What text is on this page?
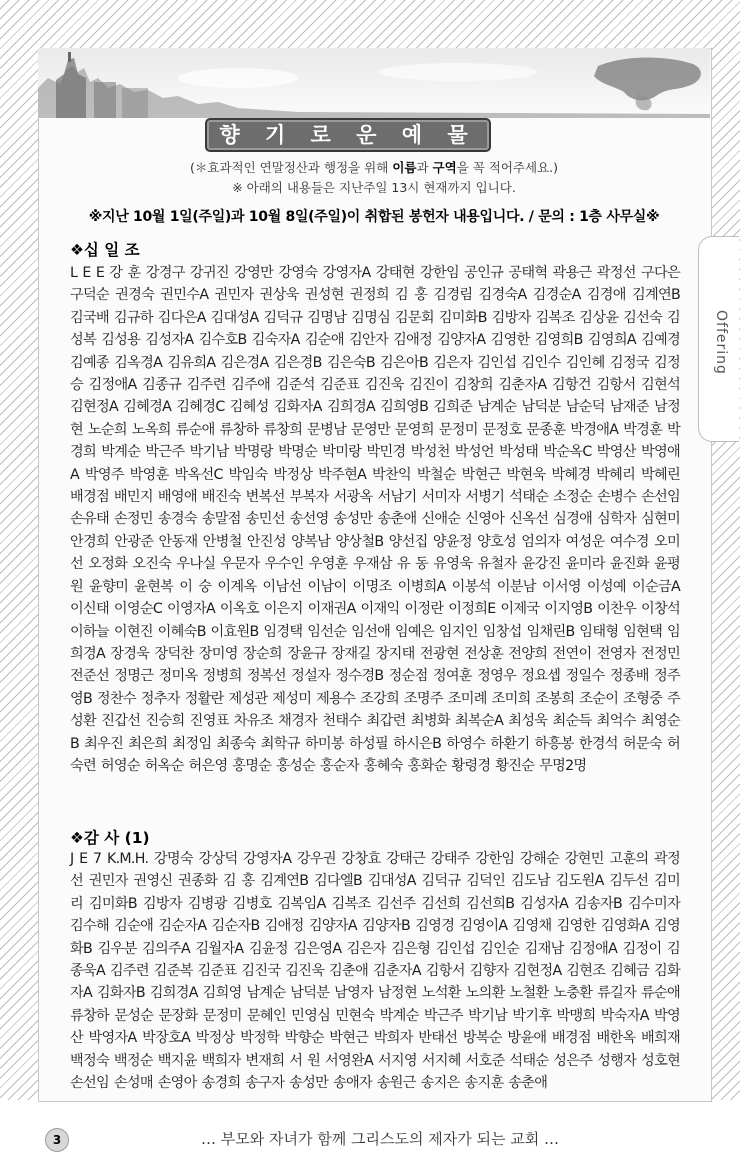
향 기 로 운 예 물
(＊효과적인 연말정산과 행정을 위해 이름과 구역을 꼭 적어주세요.)
※ 아래의 내용들은 지난주일 13시 현재까지 입니다.
※지난 10월 1일(주일)과 10월 8일(주일)이 취합된 봉헌자 내용입니다. / 문의 : 1층 사무실※
Offering
❖십 일 조
L E E 강 훈 강경구 강귀진 강영만 강영숙 강영자A 강태현 강한임 공인규 공태혁 곽용근 곽정선 구다은 구덕순 권경숙 권민수A 권민자 권상욱 권성현 권정희 김 홍 김경림 김경숙A 김경순A 김경애 김계연B 김국배 김규하 김다은A 김대성A 김덕규 김명남 김명심 김문회 김미화B 김방자 김복조 김상윤 김선숙 김성복 김성용 김성자A 김수호B 김숙자A 김순애 김안자 김애정 김양자A 김영한 김영희B 김영희A 김예경 김예종 김옥경A 김유희A 김은경A 김은경B 김은숙B 김은아B 김은자 김인섭 김인수 김인혜 김정국 김정승 김정애A 김종규 김주련 김주애 김준석 김준표 김진욱 김진이 김창희 김춘자A 김항건 김항서 김현석 김현정A 김혜경A 김혜경C 김혜성 김화자A 김희경A 김희영B 김희준 남계순 남덕분 남순덕 남재준 남정현 노순희 노옥희 류순애 류창하 류창희 문병남 문영만 문영희 문정미 문정호 문종훈 박경애A 박경훈 박경희 박계순 박근주 박기남 박명랑 박명순 박미랑 박민경 박성천 박성언 박성태 박순옥C 박영산 박영애A 박영주 박영훈 박옥선C 박임숙 박정상 박주현A 박찬익 박철순 박현근 박현욱 박혜경 박혜리 박혜린 배경점 배민지 배영애 배진숙 변복선 부복자 서광옥 서남기 서미자 서병기 석태순 소정순 손병수 손선임 손유태 손정민 송경숙 송말점 송민선 송선영 송성만 송춘애 신애순 신영아 신옥선 심경애 심학자 심현미 안경희 안광준 안동재 안병철 안진성 양복남 양상철B 양선집 양윤정 양호성 엄의자 여성운 여수경 오미선 오정화 오진숙 우나실 우문자 우수인 우영훈 우재삼 유 동 유영욱 유철자 윤강진 윤미라 윤진화 윤평원 윤향미 윤현복 이 숭 이계옥 이남선 이남이 이명조 이병희A 이봉석 이분남 이서영 이성예 이순금A 이신태 이영순C 이영자A 이옥호 이은지 이재권A 이재익 이정란 이정희E 이제국 이지영B 이찬우 이창석 이하늘 이현진 이혜숙B 이효원B 임경택 임선순 임선애 임예은 임지인 임창섭 임채린B 임태형 임현택 임희경A 장경욱 장덕찬 장미영 장순희 장윤규 장재길 장지태 전광현 전상훈 전양희 전연이 전영자 전정민 전준선 정명근 정미옥 정병희 정복선 정설자 정수경B 정순점 정여훈 정영우 정요셉 정일수 정종배 정주영B 정찬수 정추자 정활란 제성관 제성미 제용수 조강희 조명주 조미례 조미희 조봉희 조순이 조형중 주성환 진갑선 진승희 진영표 차유조 채경자 천태수 최갑련 최병화 최복순A 최성욱 최순득 최억수 최영순B 최우진 최은희 최정임 최종숙 최학규 하미봉 하성필 하시은B 하영수 하환기 하흥봉 한경석 허문숙 허숙련 허영순 허옥순 허은영 홍명순 홍성순 홍순자 홍혜숙 홍화순 황령경 황진순 무명2명
❖감 사 (1)
J E 7 K.M.H. 강명숙 강상덕 강영자A 강우권 강창효 강태근 강태주 강한임 강해순 강현민 고훈의 곽정선 권민자 권영신 권종화 김 홍 김계연B 김다엘B 김대성A 김덕규 김덕인 김도남 김도원A 김두선 김미리 김미화B 김방자 김병광 김병호 김복임A 김복조 김선주 김선희 김선희B 김성자A 김송자B 김수미자 김수해 김순애 김순자A 김순자B 김애정 김양자A 김양자B 김영경 김영이A 김영채 김영한 김영화A 김영화B 김우분 김의주A 김월자A 김윤정 김은영A 김은자 김은형 김인섭 김인순 김재남 김정애A 김정이 김종욱A 김주련 김준복 김준표 김진국 김진욱 김춘애 김춘자A 김항서 김향자 김현정A 김현조 김혜금 김화자A 김화자B 김희경A 김희영 남계순 남덕분 남영자 남정현 노석환 노의환 노철환 노충환 류길자 류순애 류창하 문성순 문장화 문정미 문혜인 민영심 민현숙 박계순 박근주 박기남 박기후 박맹희 박숙자A 박영산 박영자A 박장호A 박정상 박정학 박향순 박현근 박희자 반태선 방복순 방윤애 배경점 배한옥 배희재 백정숙 백정순 백지윤 백희자 변재희 서 원 서영완A 서지영 서지혜 서호준 석태순 성은주 성행자 성호현 손선임 손성매 손영아 송경희 송구자 송성만 송애자 송원근 송지은 송지훈 송춘애
3	… 부모와 자녀가 함께 그리스도의 제자가 되는 교회 …
